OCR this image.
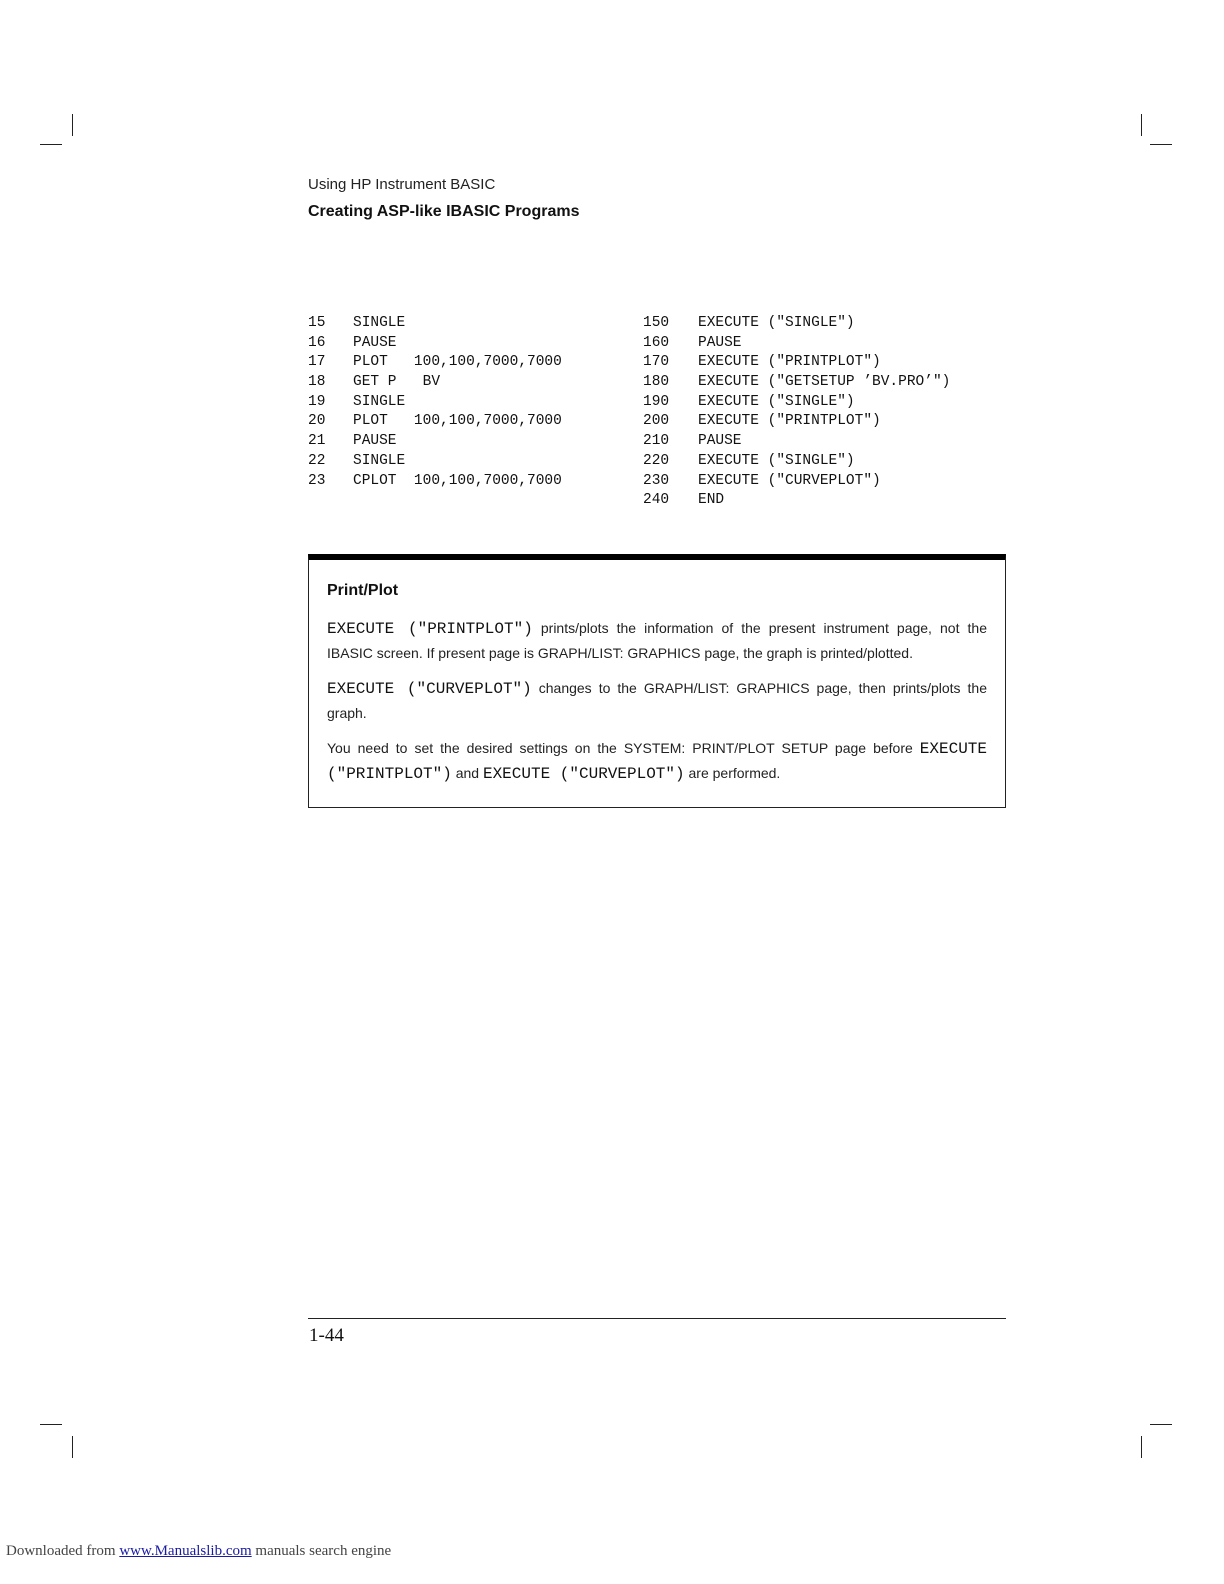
Using HP Instrument BASIC
Creating ASP-like IBASIC Programs
15	SINGLE
16	PAUSE
17	PLOT   100,100,7000,7000
18	GET P   BV
19	SINGLE
20	PLOT   100,100,7000,7000
21	PAUSE
22	SINGLE
23	CPLOT  100,100,7000,7000
150	EXECUTE ("SINGLE")
160	PAUSE
170	EXECUTE ("PRINTPLOT")
180	EXECUTE ("GETSETUP ’BV.PRO’")
190	EXECUTE ("SINGLE")
200	EXECUTE ("PRINTPLOT")
210	PAUSE
220	EXECUTE ("SINGLE")
230	EXECUTE ("CURVEPLOT")
240	END
Print/Plot
EXECUTE ("PRINTPLOT") prints/plots the information of the present instrument page, not the IBASIC screen. If present page is GRAPH/LIST: GRAPHICS page, the graph is printed/plotted.
EXECUTE ("CURVEPLOT") changes to the GRAPH/LIST: GRAPHICS page, then prints/plots the graph.
You need to set the desired settings on the SYSTEM: PRINT/PLOT SETUP page before EXECUTE ("PRINTPLOT") and EXECUTE ("CURVEPLOT") are performed.
1-44
Downloaded from www.Manualslib.com manuals search engine
